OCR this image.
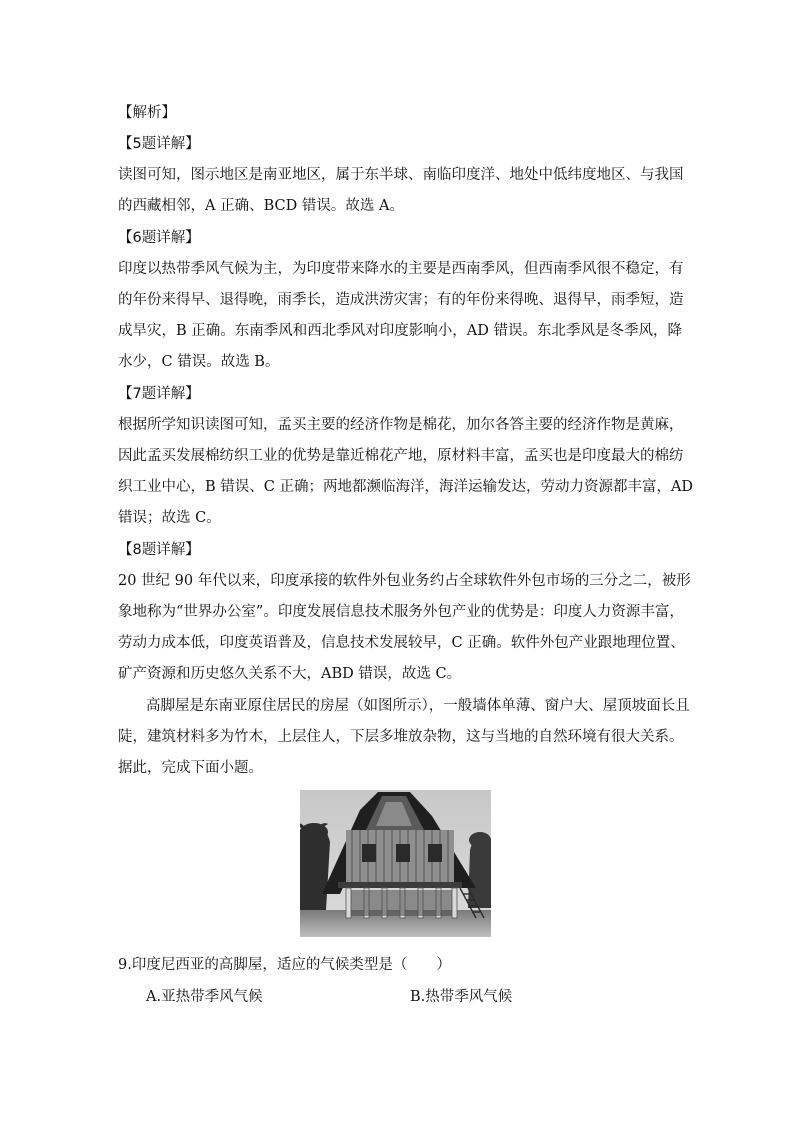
【解析】
【5题详解】
读图可知，图示地区是南亚地区，属于东半球、南临印度洋、地处中低纬度地区、与我国
的西藏相邻，A 正确、BCD 错误。故选 A。
【6题详解】
印度以热带季风气候为主，为印度带来降水的主要是西南季风，但西南季风很不稳定，有
的年份来得早、退得晚，雨季长，造成洪涝灾害；有的年份来得晚、退得早，雨季短，造
成旱灾，B 正确。东南季风和西北季风对印度影响小，AD 错误。东北季风是冬季风，降
水少，C 错误。故选 B。
【7题详解】
根据所学知识读图可知，孟买主要的经济作物是棉花，加尔各答主要的经济作物是黄麻，
因此孟买发展棉纺织工业的优势是靠近棉花产地，原材料丰富，孟买也是印度最大的棉纺
织工业中心，B 错误、C 正确；两地都濒临海洋，海洋运输发达，劳动力资源都丰富，AD
错误；故选 C。
【8题详解】
20 世纪 90 年代以来，印度承接的软件外包业务约占全球软件外包市场的三分之二，被形
象地称为“世界办公室”。印度发展信息技术服务外包产业的优势是：印度人力资源丰富，
劳动力成本低，印度英语普及，信息技术发展较早，C 正确。软件外包产业跟地理位置、
矿产资源和历史悠久关系不大，ABD 错误，故选 C。
高脚屋是东南亚原住居民的房屋（如图所示），一般墙体单薄、窗户大、屋顶坡面长且
陡，建筑材料多为竹木，上层住人，下层多堆放杂物，这与当地的自然环境有很大关系。
据此，完成下面小题。
9.印度尼西亚的高脚屋，适应的气候类型是（　　）
A.亚热带季风气候	B.热带季风气候
